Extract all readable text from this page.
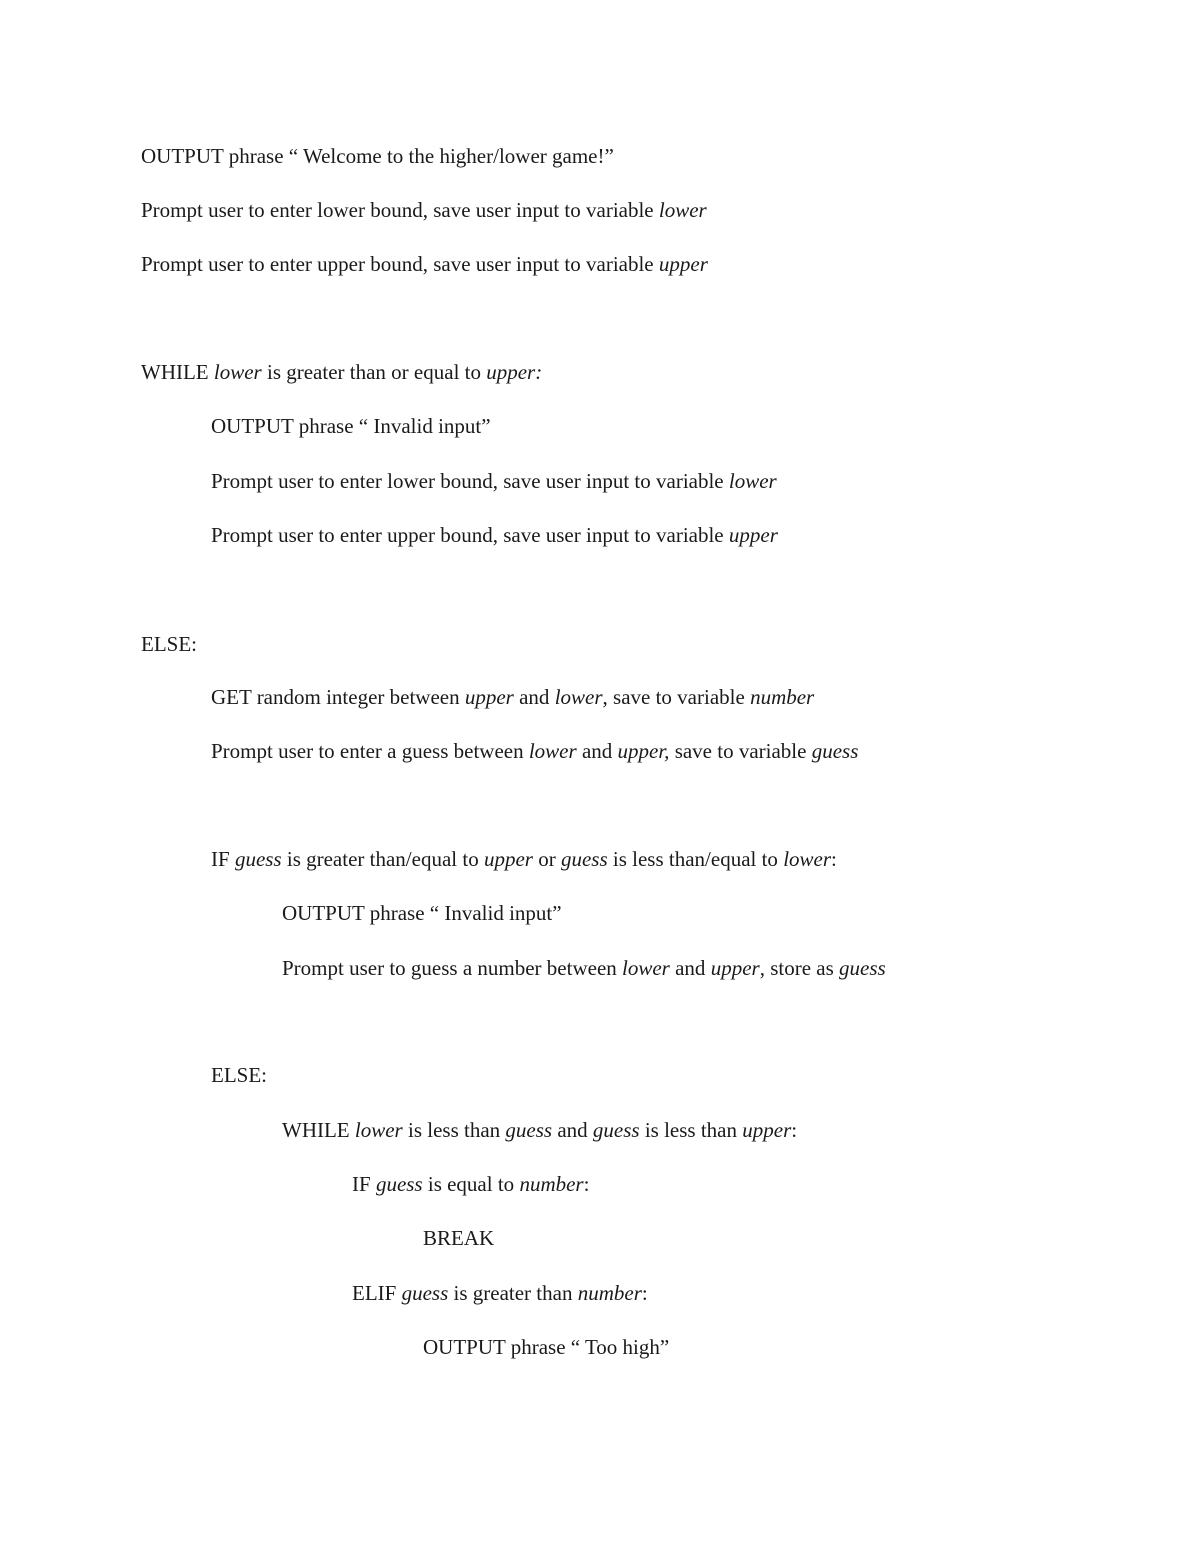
OUTPUT phrase “ Welcome to the higher/lower game!”

Prompt user to enter lower bound, save user input to variable lower

Prompt user to enter upper bound, save user input to variable upper

WHILE lower is greater than or equal to upper:

OUTPUT phrase “ Invalid input”

Prompt user to enter lower bound, save user input to variable lower

Prompt user to enter upper bound, save user input to variable upper

ELSE:

GET random integer between upper and lower, save to variable number

Prompt user to enter a guess between lower and upper, save to variable guess

IF guess is greater than/equal to upper or guess is less than/equal to lower:

OUTPUT phrase “ Invalid input”

Prompt user to guess a number between lower and upper, store as guess

ELSE:

WHILE lower is less than guess and guess is less than upper:

IF guess is equal to number:

BREAK

ELIF guess is greater than number:

OUTPUT phrase “ Too high”
